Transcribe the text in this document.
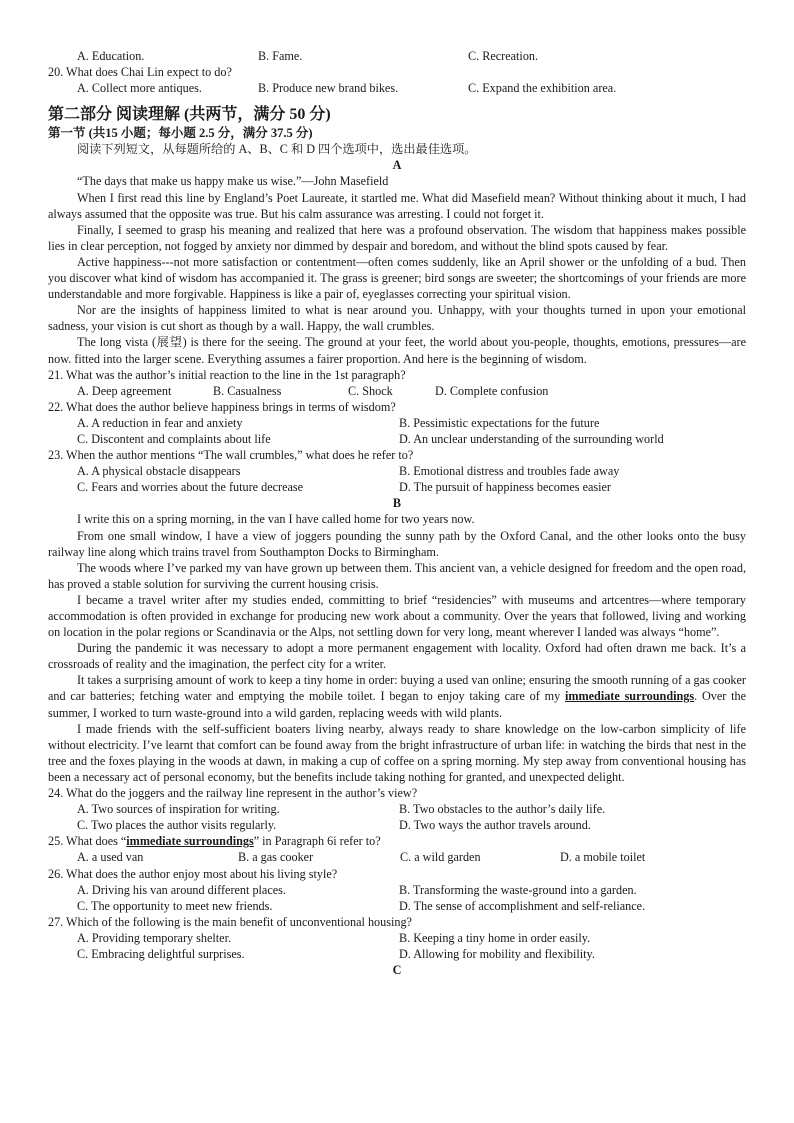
A. Education.	B. Fame.	C. Recreation.
20. What does Chai Lin expect to do?
A. Collect more antiques.	B. Produce new brand bikes.	C. Expand the exhibition area.
第二部分 阅读理解 (共两节，满分 50 分)
第一节 (共15 小题；每小题 2.5 分，满分 37.5 分)
阅读下列短文，从每题所给的 A、B、C 和 D 四个选项中，选出最佳选项。
A
“The days that make us happy make us wise.”—John Masefield
When I first read this line by England’s Poet Laureate, it startled me. What did Masefield mean? Without thinking about it much, I had always assumed that the opposite was true. But his calm assurance was arresting. I could not forget it.
Finally, I seemed to grasp his meaning and realized that here was a profound observation. The wisdom that happiness makes possible lies in clear perception, not fogged by anxiety nor dimmed by despair and boredom, and without the blind spots caused by fear.
Active happiness---not more satisfaction or contentment—often comes suddenly, like an April shower or the unfolding of a bud. Then you discover what kind of wisdom has accompanied it. The grass is greener; bird songs are sweeter; the shortcomings of your friends are more understandable and more forgivable. Happiness is like a pair of, eyeglasses correcting your spiritual vision.
Nor are the insights of happiness limited to what is near around you. Unhappy, with your thoughts turned in upon your emotional sadness, your vision is cut short as though by a wall. Happy, the wall crumbles.
The long vista (展望) is there for the seeing. The ground at your feet, the world about you-people, thoughts, emotions, pressures—are now. fitted into the larger scene. Everything assumes a fairer proportion. And here is the beginning of wisdom.
21. What was the author’s initial reaction to the line in the 1st paragraph?
A. Deep agreement	B. Casualness	C. Shock	D. Complete confusion
22. What does the author believe happiness brings in terms of wisdom?
A. A reduction in fear and anxiety	B. Pessimistic expectations for the future
C. Discontent and complaints about life	D. An unclear understanding of the surrounding world
23. When the author mentions “The wall crumbles,” what does he refer to?
A. A physical obstacle disappears	B. Emotional distress and troubles fade away
C. Fears and worries about the future decrease	D. The pursuit of happiness becomes easier
B
I write this on a spring morning, in the van I have called home for two years now.
From one small window, I have a view of joggers pounding the sunny path by the Oxford Canal, and the other looks onto the busy railway line along which trains travel from Southampton Docks to Birmingham.
The woods where I’ve parked my van have grown up between them. This ancient van, a vehicle designed for freedom and the open road, has proved a stable solution for surviving the current housing crisis.
I became a travel writer after my studies ended, committing to brief “residencies” with museums and artcentres—where temporary accommodation is often provided in exchange for producing new work about a community. Over the years that followed, living and working on location in the polar regions or Scandinavia or the Alps, not settling down for very long, meant wherever I landed was always “home”.
During the pandemic it was necessary to adopt a more permanent engagement with locality. Oxford had often drawn me back. It’s a crossroads of reality and the imagination, the perfect city for a writer.
It takes a surprising amount of work to keep a tiny home in order: buying a used van online; ensuring the smooth running of a gas cooker and car batteries; fetching water and emptying the mobile toilet. I began to enjoy taking care of my immediate surroundings. Over the summer, I worked to turn waste-ground into a wild garden, replacing weeds with wild plants.
I made friends with the self-sufficient boaters living nearby, always ready to share knowledge on the low-carbon simplicity of life without electricity. I’ve learnt that comfort can be found away from the bright infrastructure of urban life: in watching the birds that nest in the tree and the foxes playing in the woods at dawn, in making a cup of coffee on a spring morning. My step away from conventional housing has been a necessary act of personal economy, but the benefits include taking nothing for granted, and unexpected delight.
24. What do the joggers and the railway line represent in the author’s view?
A. Two sources of inspiration for writing.	B. Two obstacles to the author’s daily life.
C. Two places the author visits regularly.	D. Two ways the author travels around.
25. What does “immediate surroundings” in Paragraph 6i refer to?
A. a used van	B. a gas cooker	C. a wild garden	D. a mobile toilet
26. What does the author enjoy most about his living style?
A. Driving his van around different places.	B. Transforming the waste-ground into a garden.
C. The opportunity to meet new friends.	D. The sense of accomplishment and self-reliance.
27. Which of the following is the main benefit of unconventional housing?
A. Providing temporary shelter.	B. Keeping a tiny home in order easily.
C. Embracing delightful surprises.	D. Allowing for mobility and flexibility.
C
